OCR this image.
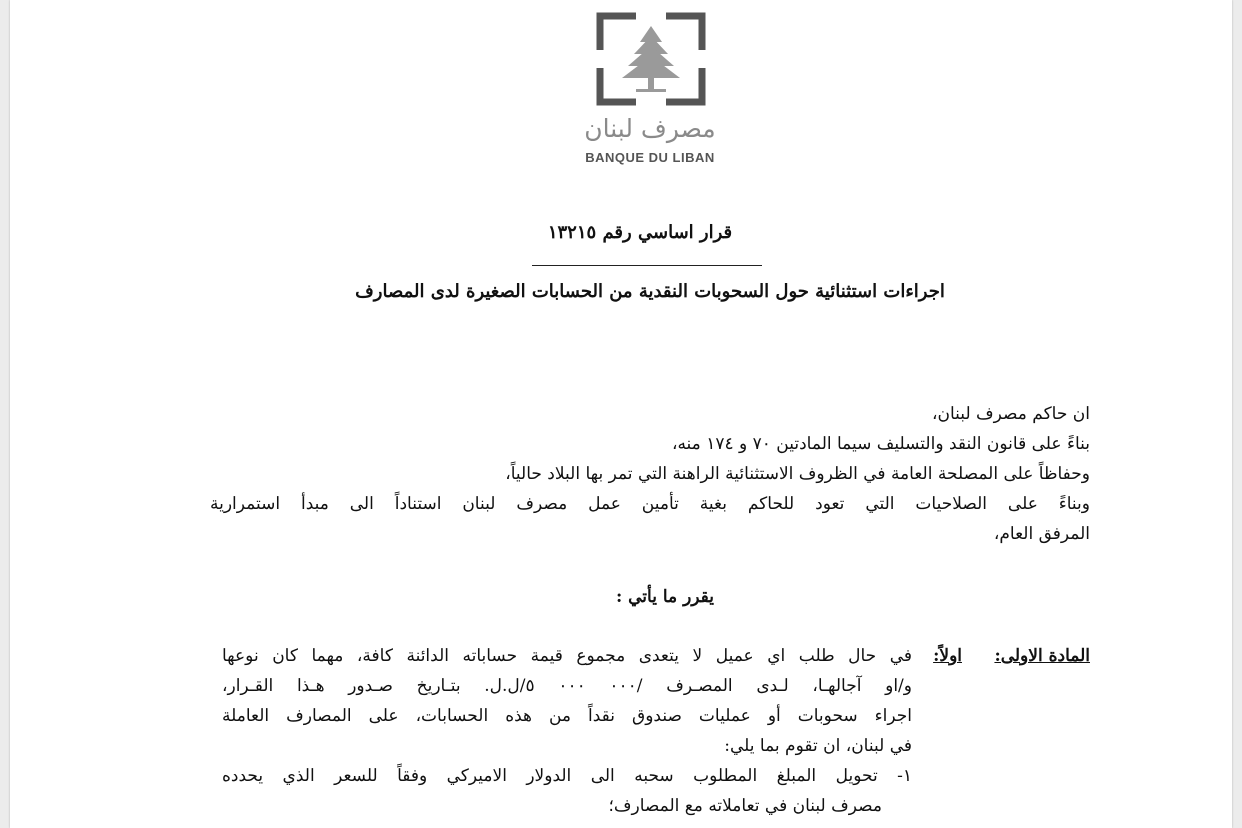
مصرف لبنان
BANQUE DU LIBAN
قرار اساسي رقم ١٣٢١٥
اجراءات استثنائية حول السحوبات النقدية من الحسابات الصغيرة لدى المصارف
ان حاكم مصرف لبنان،
بناءً على قانون النقد والتسليف سيما المادتين ٧٠ و ١٧٤ منه،
وحفاظاً على المصلحة العامة في الظروف الاستثنائية الراهنة التي تمر بها البلاد حالياً،
وبناءً على الصلاحيات التي تعود للحاكم بغية تأمين عمل مصرف لبنان استناداً الى مبدأ استمرارية
المرفق العام،
يقرر ما يأتي :
المادة الاولى:
اولاً:
في حال طلب اي عميل لا يتعدى مجموع قيمة حساباته الدائنة كافة، مهما كان نوعها
و/او آجالهـا، لـدى المصـرف /٠٠٠ ٠٠٠ ٥/ل.ل. بتـاريخ صـدور هـذا القـرار،
اجراء سحوبات أو عمليات صندوق نقداً من هذه الحسابات، على المصارف العاملة
في لبنان، ان تقوم بما يلي:
١- تحويل المبلغ المطلوب سحبه الى الدولار الاميركي وفقاً للسعر الذي يحدده
مصرف لبنان في تعاملاته مع المصارف؛
